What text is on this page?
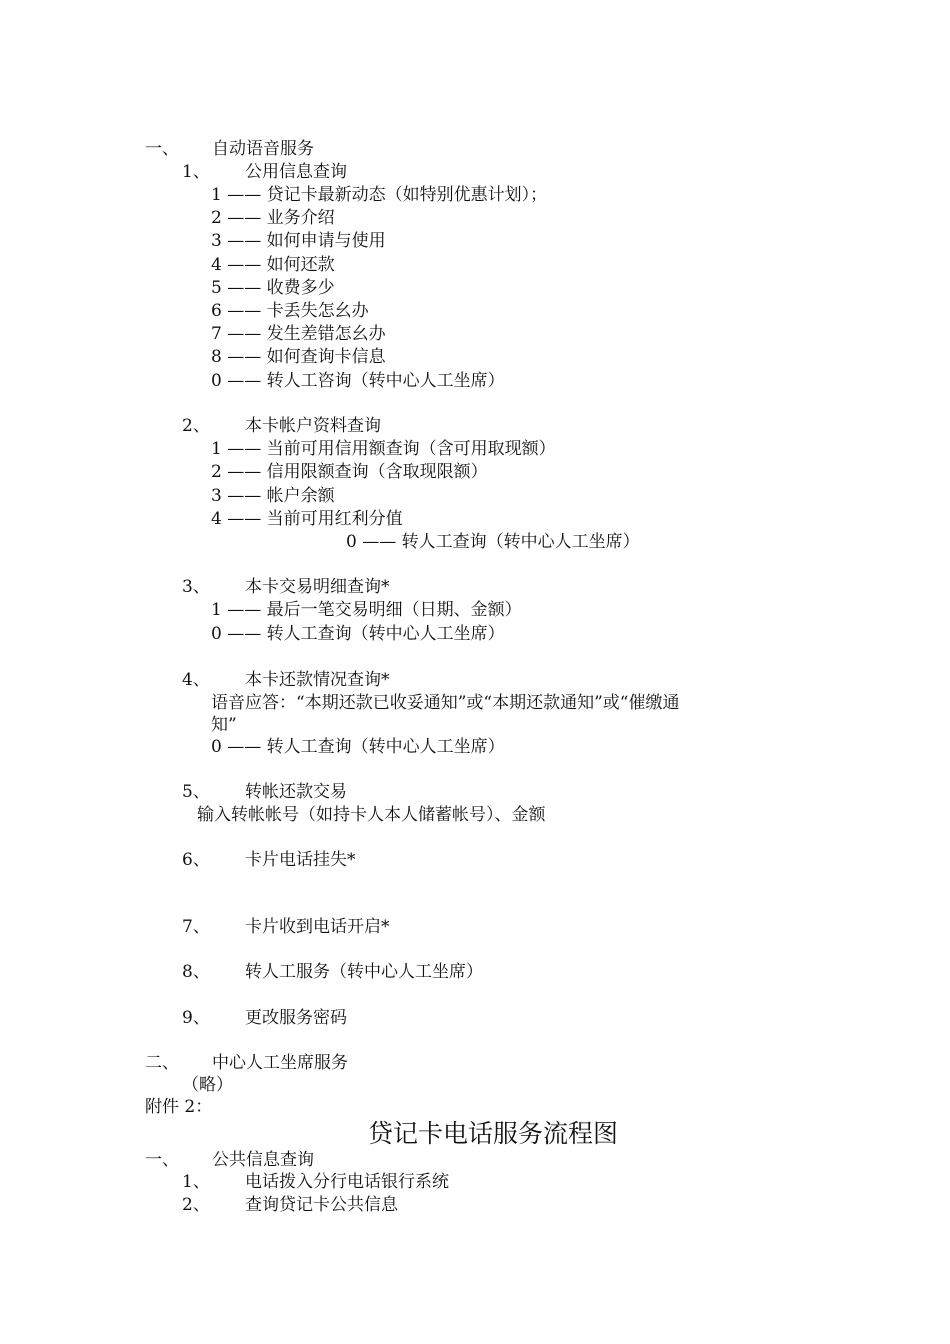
一、 自动语音服务
1、 公用信息查询
1 —— 贷记卡最新动态（如特别优惠计划）；
2 —— 业务介绍
3 —— 如何申请与使用
4 —— 如何还款
5 —— 收费多少
6 —— 卡丢失怎幺办
7 —— 发生差错怎幺办
8 —— 如何查询卡信息
0 —— 转人工咨询（转中心人工坐席）
2、 本卡帐户资料查询
1 —— 当前可用信用额查询（含可用取现额）
2 —— 信用限额查询（含取现限额）
3 —— 帐户余额
4 —— 当前可用红利分值
0 —— 转人工查询（转中心人工坐席）
3、 本卡交易明细查询*
1 —— 最后一笔交易明细（日期、金额）
0 —— 转人工查询（转中心人工坐席）
4、 本卡还款情况查询*
语音应答：“本期还款已收妥通知”或“本期还款通知”或“催缴通
知”
0 —— 转人工查询（转中心人工坐席）
5、 转帐还款交易
输入转帐帐号（如持卡人本人储蓄帐号）、金额
6、 卡片电话挂失*
7、 卡片收到电话开启*
8、 转人工服务（转中心人工坐席）
9、 更改服务密码
二、 中心人工坐席服务
（略）
附件 2：
贷记卡电话服务流程图
一、 公共信息查询
1、 电话拨入分行电话银行系统
2、 查询贷记卡公共信息
